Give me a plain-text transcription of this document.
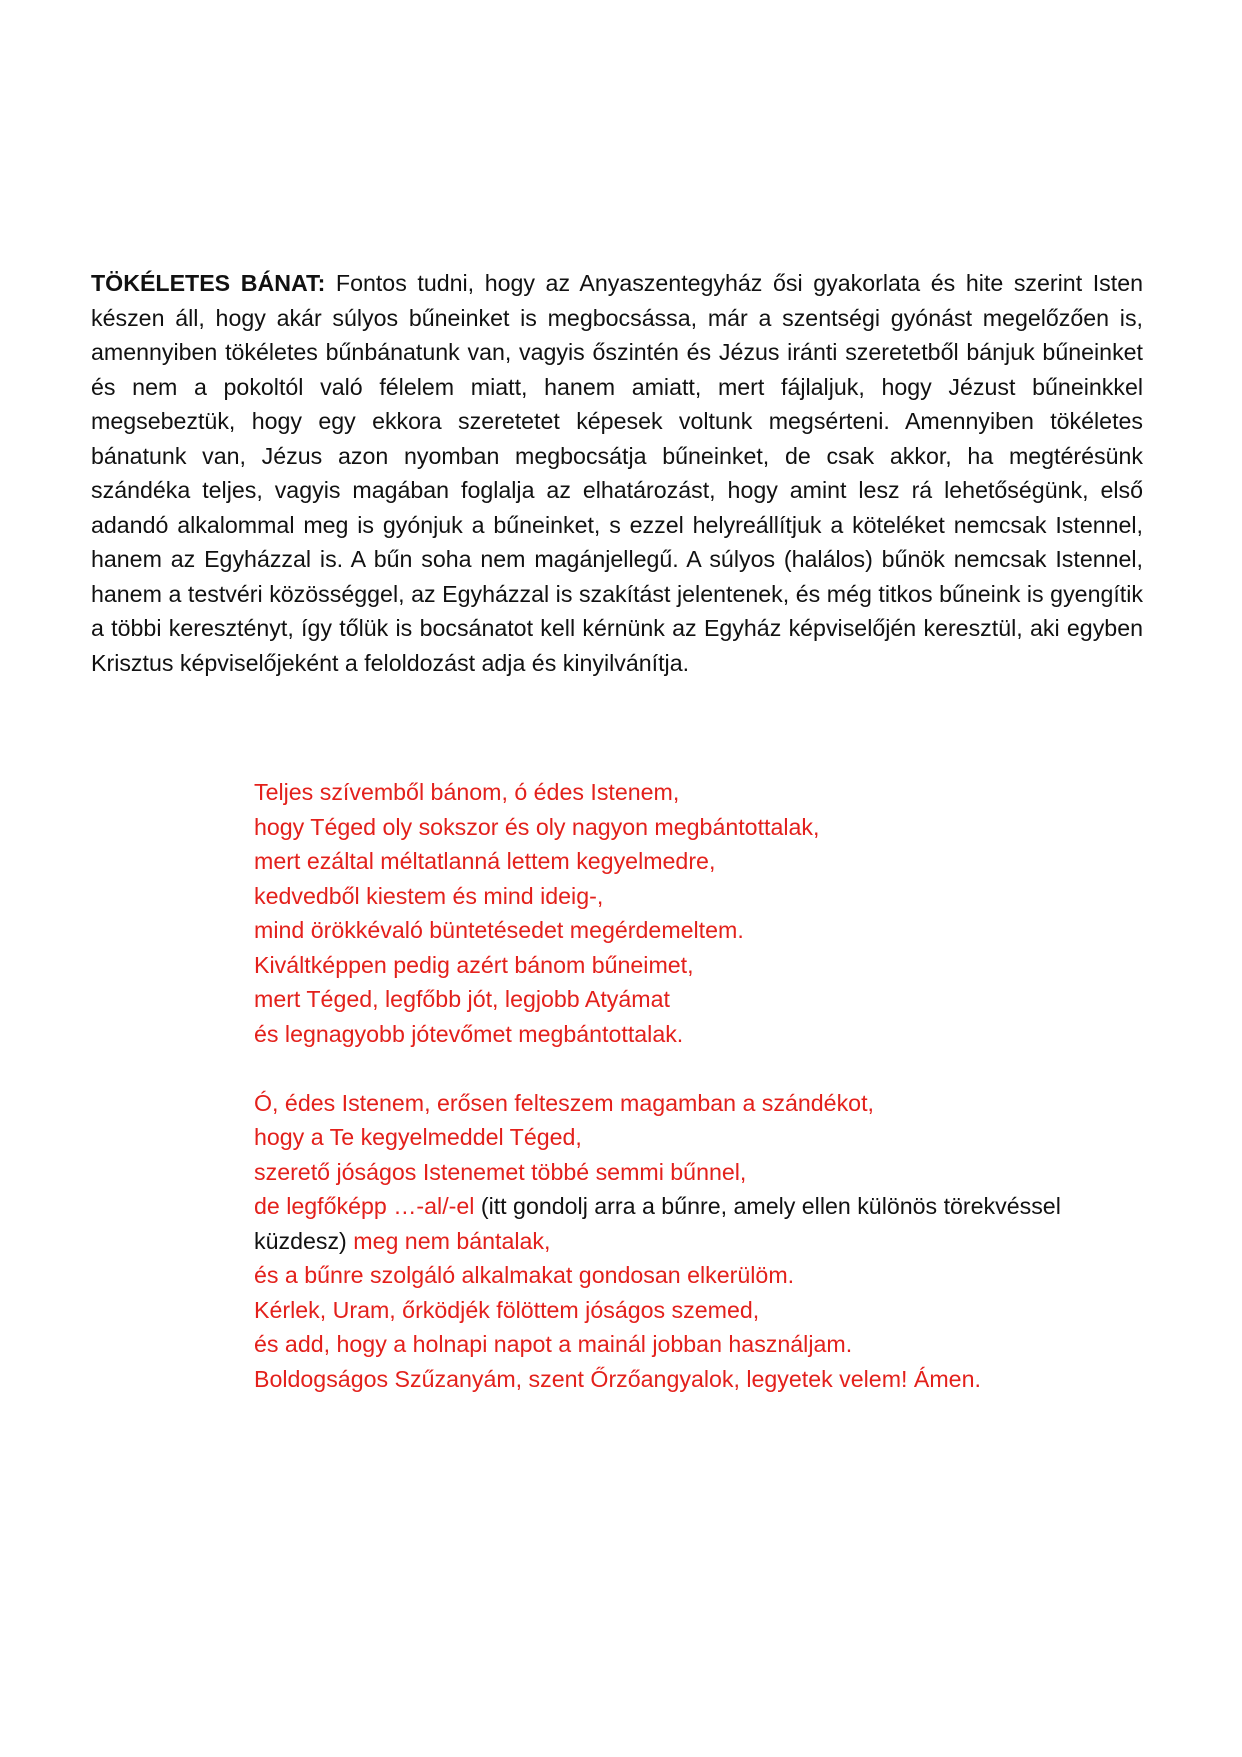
TÖKÉLETES BÁNAT: Fontos tudni, hogy az Anyaszentegyház ősi gyakorlata és hite szerint Isten készen áll, hogy akár súlyos bűneinket is megbocsássa, már a szentségi gyónást megelőzően is, amennyiben tökéletes bűnbánatunk van, vagyis őszintén és Jézus iránti szeretetből bánjuk bűneinket és nem a pokoltól való félelem miatt, hanem amiatt, mert fájlaljuk, hogy Jézust bűneinkkel megsebeztük, hogy egy ekkora szeretetet képesek voltunk megsérteni. Amennyiben tökéletes bánatunk van, Jézus azon nyomban megbocsátja bűneinket, de csak akkor, ha megtérésünk szándéka teljes, vagyis magában foglalja az elhatározást, hogy amint lesz rá lehetőségünk, első adandó alkalommal meg is gyónjuk a bűneinket, s ezzel helyreállítjuk a köteléket nemcsak Istennel, hanem az Egyházzal is. A bűn soha nem magánjellegű. A súlyos (halálos) bűnök nemcsak Istennel, hanem a testvéri közösséggel, az Egyházzal is szakítást jelentenek, és még titkos bűneink is gyengítik a többi keresztényt, így tőlük is bocsánatot kell kérnünk az Egyház képviselőjén keresztül, aki egyben Krisztus képviselőjeként a feloldozást adja és kinyilvánítja.

Teljes szívemből bánom, ó édes Istenem,
hogy Téged oly sokszor és oly nagyon megbántottalak,
mert ezáltal méltatlanná lettem kegyelmedre,
kedvedből kiestem és mind ideig-,
mind örökkévaló büntetésedet megérdemeltem.
Kiváltképpen pedig azért bánom bűneimet,
mert Téged, legfőbb jót, legjobb Atyámat
és legnagyobb jótevőmet megbántottalak.
Ó, édes Istenem, erősen felteszem magamban a szándékot,
hogy a Te kegyelmeddel Téged,
szerető jóságos Istenemet többé semmi bűnnel,
de legfőképp …-al/-el (itt gondolj arra a bűnre, amely ellen különös törekvéssel küzdesz) meg nem bántalak,
és a bűnre szolgáló alkalmakat gondosan elkerülöm.
Kérlek, Uram, őrködjék fölöttem jóságos szemed,
és add, hogy a holnapi napot a mainál jobban használjam.
Boldogságos Szűzanyám, szent Őrzőangyalok, legyetek velem! Ámen.
